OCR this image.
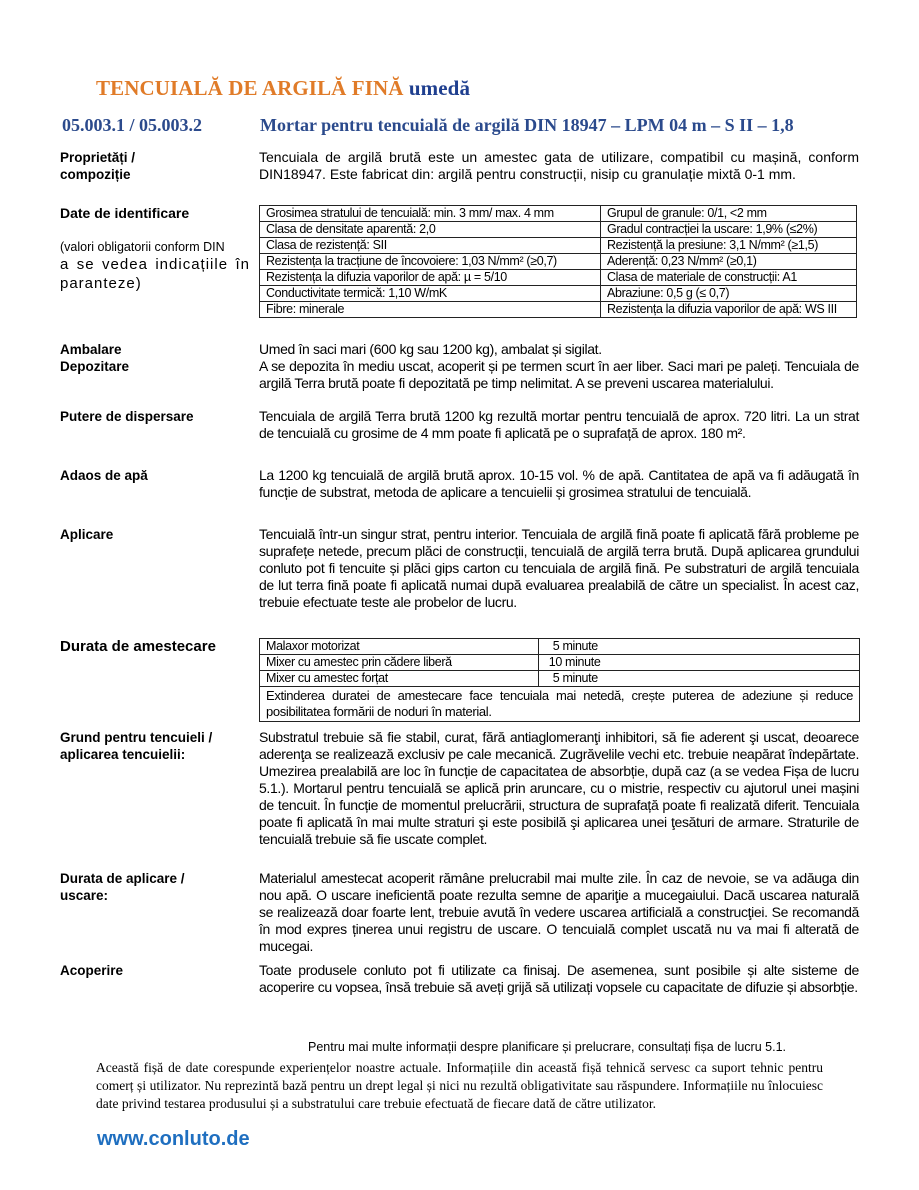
TENCUIALĂ DE ARGILĂ FINĂ umedă
05.003.1 / 05.003.2	Mortar pentru tencuială de argilă DIN 18947 – LPM 04 m – S II – 1,8
Proprietăți /
compoziție
Tencuiala de argilă brută este un amestec gata de utilizare, compatibil cu mașină, conform DIN18947. Este fabricat din: argilă pentru construcții, nisip cu granulație mixtă 0-1 mm.
Date de identificare
(valori obligatorii conform DIN
a se vedea indicațiile în paranteze)
Grosimea stratului de tencuială: min. 3 mm/ max. 4 mm	Grupul de granule: 0/1, <2 mm
Clasa de densitate aparentă: 2,0	Gradul contracției la uscare: 1,9% (≤2%)
Clasa de rezistență: SII	Rezistență la presiune: 3,1 N/mm² (≥1,5)
Rezistența la tracțiune de încovoiere: 1,03 N/mm² (≥0,7)	Aderență: 0,23 N/mm² (≥0,1)
Rezistența la difuzia vaporilor de apă: µ = 5/10	Clasa de materiale de construcții: A1
Conductivitate termică: 1,10 W/mK	Abraziune: 0,5 g (≤ 0,7)
Fibre: minerale	Rezistența la difuzia vaporilor de apă: WS III
Ambalare	Umed în saci mari (600 kg sau 1200 kg), ambalat și sigilat.
Depozitare	A se depozita în mediu uscat, acoperit și pe termen scurt în aer liber. Saci mari pe paleți. Tencuiala de argilă Terra brută poate fi depozitată pe timp nelimitat. A se preveni uscarea materialului.
Putere de dispersare	Tencuiala de argilă Terra brută 1200 kg rezultă mortar pentru tencuială de aprox. 720 litri. La un strat de tencuială cu grosime de 4 mm poate fi aplicată pe o suprafață de aprox. 180 m².
Adaos de apă	La 1200 kg tencuială de argilă brută aprox. 10-15 vol. % de apă. Cantitatea de apă va fi adăugată în funcție de substrat, metoda de aplicare a tencuielii și grosimea stratului de tencuială.
Aplicare	Tencuială într-un singur strat, pentru interior. Tencuiala de argilă fină poate fi aplicată fără probleme pe suprafețe netede, precum plăci de construcții, tencuială de argilă terra brută. După aplicarea grundului conluto pot fi tencuite și plăci gips carton cu tencuiala de argilă fină. Pe substraturi de argilă tencuiala de lut terra fină poate fi aplicată numai după evaluarea prealabilă de către un specialist. În acest caz, trebuie efectuate teste ale probelor de lucru.
Durata de amestecare	Malaxor motorizat	5 minute
Mixer cu amestec prin cădere liberă	10 minute
Mixer cu amestec forțat	5 minute
Extinderea duratei de amestecare face tencuiala mai netedă, crește puterea de adeziune și reduce posibilitatea formării de noduri în material.	
Grund pentru tencuieli /
aplicarea tencuielii:
Substratul trebuie să fie stabil, curat, fără antiaglomeranţi inhibitori, să fie aderent şi uscat, deoarece aderenţa se realizează exclusiv pe cale mecanică. Zugrăvelile vechi etc. trebuie neapărat îndepărtate. Umezirea prealabilă are loc în funcție de capacitatea de absorbție, după caz (a se vedea Fișa de lucru 5.1.). Mortarul pentru tencuială se aplică prin aruncare, cu o mistrie, respectiv cu ajutorul unei mașini de tencuit. În funcție de momentul prelucrării, structura de suprafață poate fi realizată diferit. Tencuiala poate fi aplicată în mai multe straturi şi este posibilă şi aplicarea unei ţesături de armare. Straturile de tencuială trebuie să fie uscate complet.
Durata de aplicare /
uscare:
Materialul amestecat acoperit rămâne prelucrabil mai multe zile. În caz de nevoie, se va adăuga din nou apă. O uscare ineficientă poate rezulta semne de apariţie a mucegaiului. Dacă uscarea naturală se realizează doar foarte lent, trebuie avută în vedere uscarea artificială a construcţiei. Se recomandă în mod expres ținerea unui registru de uscare. O tencuială complet uscată nu va mai fi alterată de mucegai.
Acoperire	Toate produsele conluto pot fi utilizate ca finisaj. De asemenea, sunt posibile și alte sisteme de acoperire cu vopsea, însă trebuie să aveți grijă să utilizați vopsele cu capacitate de difuzie și absorbție.
Pentru mai multe informații despre planificare și prelucrare, consultați fișa de lucru 5.1.
Această fișă de date corespunde experiențelor noastre actuale. Informațiile din această fișă tehnică servesc ca suport tehnic pentru comerț și utilizator. Nu reprezintă bază pentru un drept legal și nici nu rezultă obligativitate sau răspundere. Informațiile nu înlocuiesc date privind testarea produsului și a substratului care trebuie efectuată de fiecare dată de către utilizator.
www.conluto.de
